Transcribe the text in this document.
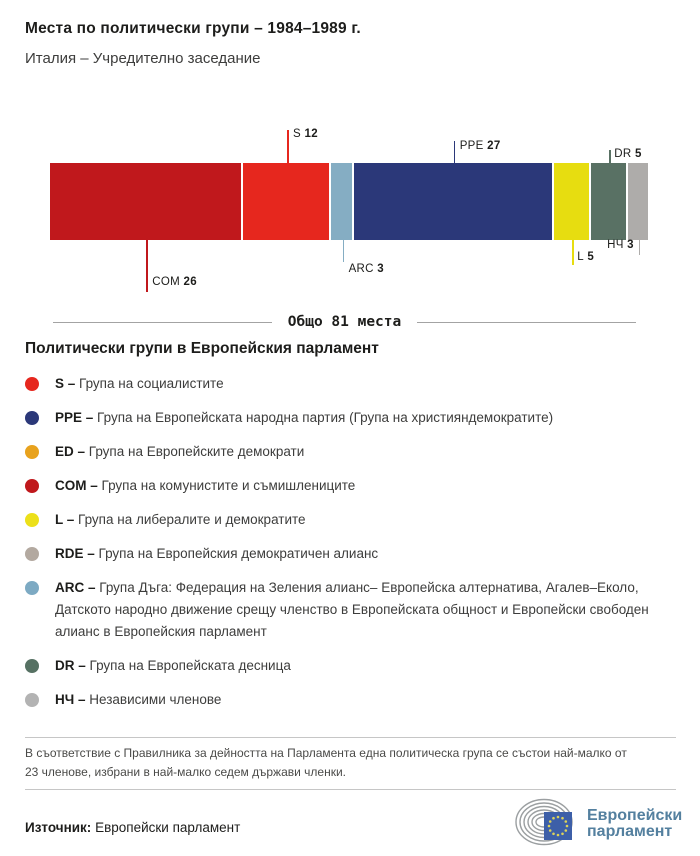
Места по политически групи – 1984–1989 г.
Италия – Учредително заседание
COM 26
S 12
ARC 3
PPE 27
L 5
DR 5
НЧ 3
Общо 81 места
Политически групи в Европейския парламент
S – Група на социалистите
PPE – Група на Европейската народна партия (Група на християндемократите)
ED – Група на Европейските демократи
COM – Група на комунистите и съмишлениците
L – Група на либералите и демократите
RDE – Група на Европейския демократичен алианс
ARC – Група Дъга: Федерация на Зеления алианс– Европейска алтернатива, Агалев–Еколо, Датското народно движение срещу членство в Европейската общност и Европейски свободен алианс в Европейския парламент
DR – Група на Европейската десница
НЧ – Независими членове
В съответствие с Правилника за дейността на Парламента една политическа група се състои най-малко от
23 членове, избрани в най-малко седем държави членки.
Източник: Европейски парламент
Европейски
парламент
